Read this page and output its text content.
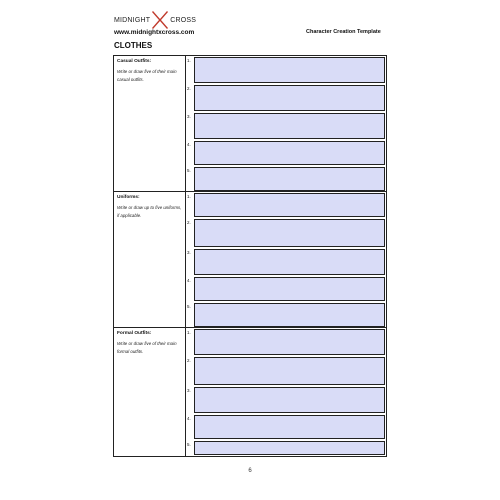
MIDNIGHT	CROSS
www.midnightxcross.com	Character Creation Template
CLOTHES
Casual Outfits:
Write or draw five of their main casual outfits.
1.
2.
3.
4.
5.
Uniforms:
Write or draw up to five uniforms, if applicable.
1.
2.
3.
4.
5.
Formal Outfits:
Write or draw five of their main formal outfits.
1.
2.
3.
4.
5.
6
